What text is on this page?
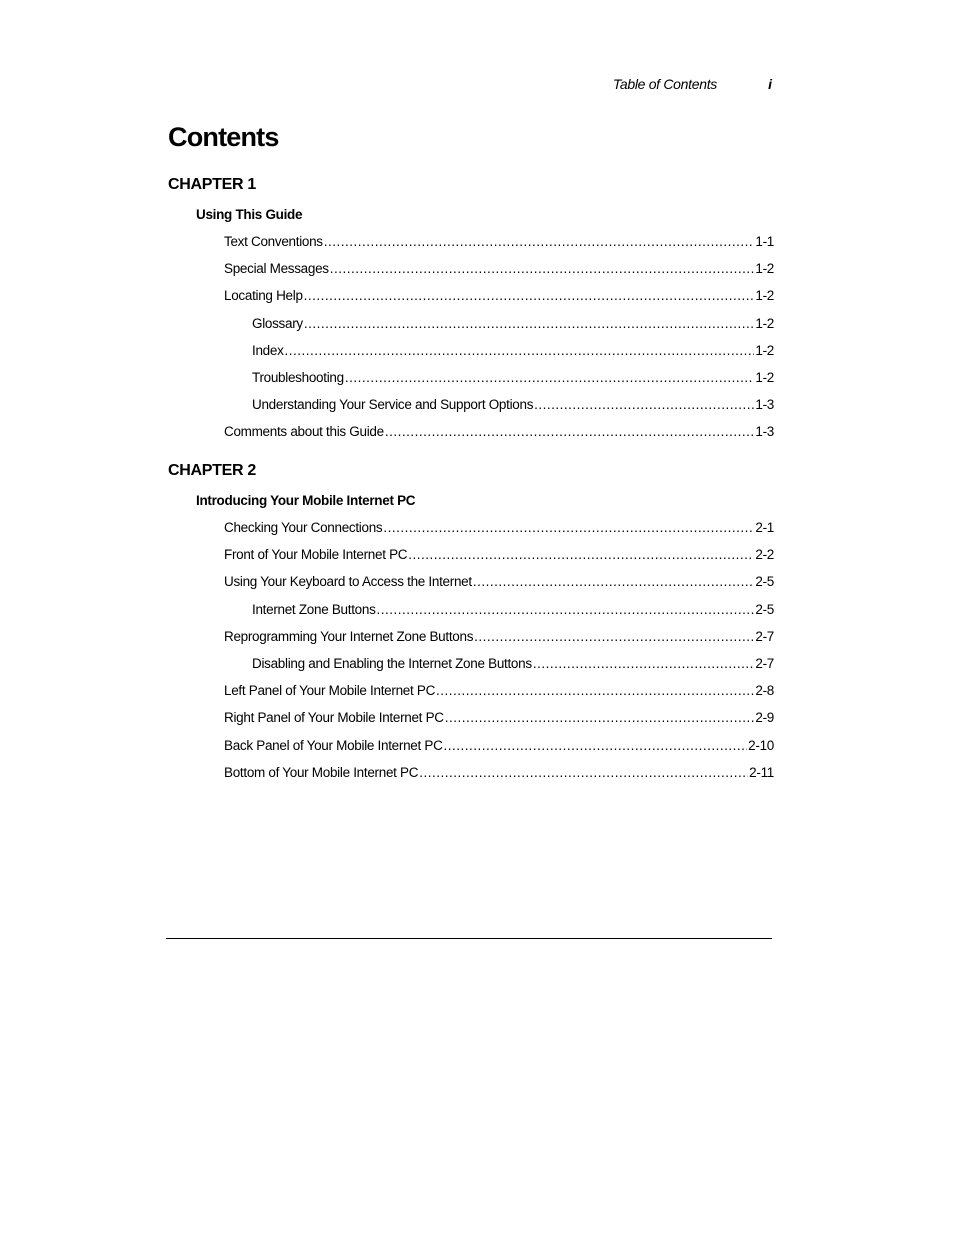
Table of Contents	i
Contents
CHAPTER 1
Using This Guide
Text Conventions .....	1-1
Special Messages .....	1-2
Locating Help .....	1-2
Glossary .....	1-2
Index .....	1-2
Troubleshooting .....	1-2
Understanding Your Service and Support Options .....	1-3
Comments about this Guide .....	1-3
CHAPTER 2
Introducing Your Mobile Internet PC
Checking Your Connections .....	2-1
Front of Your Mobile Internet PC .....	2-2
Using Your Keyboard to Access the Internet .....	2-5
Internet Zone Buttons .....	2-5
Reprogramming Your Internet Zone Buttons .....	2-7
Disabling and Enabling the Internet Zone Buttons .....	2-7
Left Panel of Your Mobile Internet PC .....	2-8
Right Panel of Your Mobile Internet PC .....	2-9
Back Panel of Your Mobile Internet PC .....	2-10
Bottom of Your Mobile Internet PC .....	2-11
